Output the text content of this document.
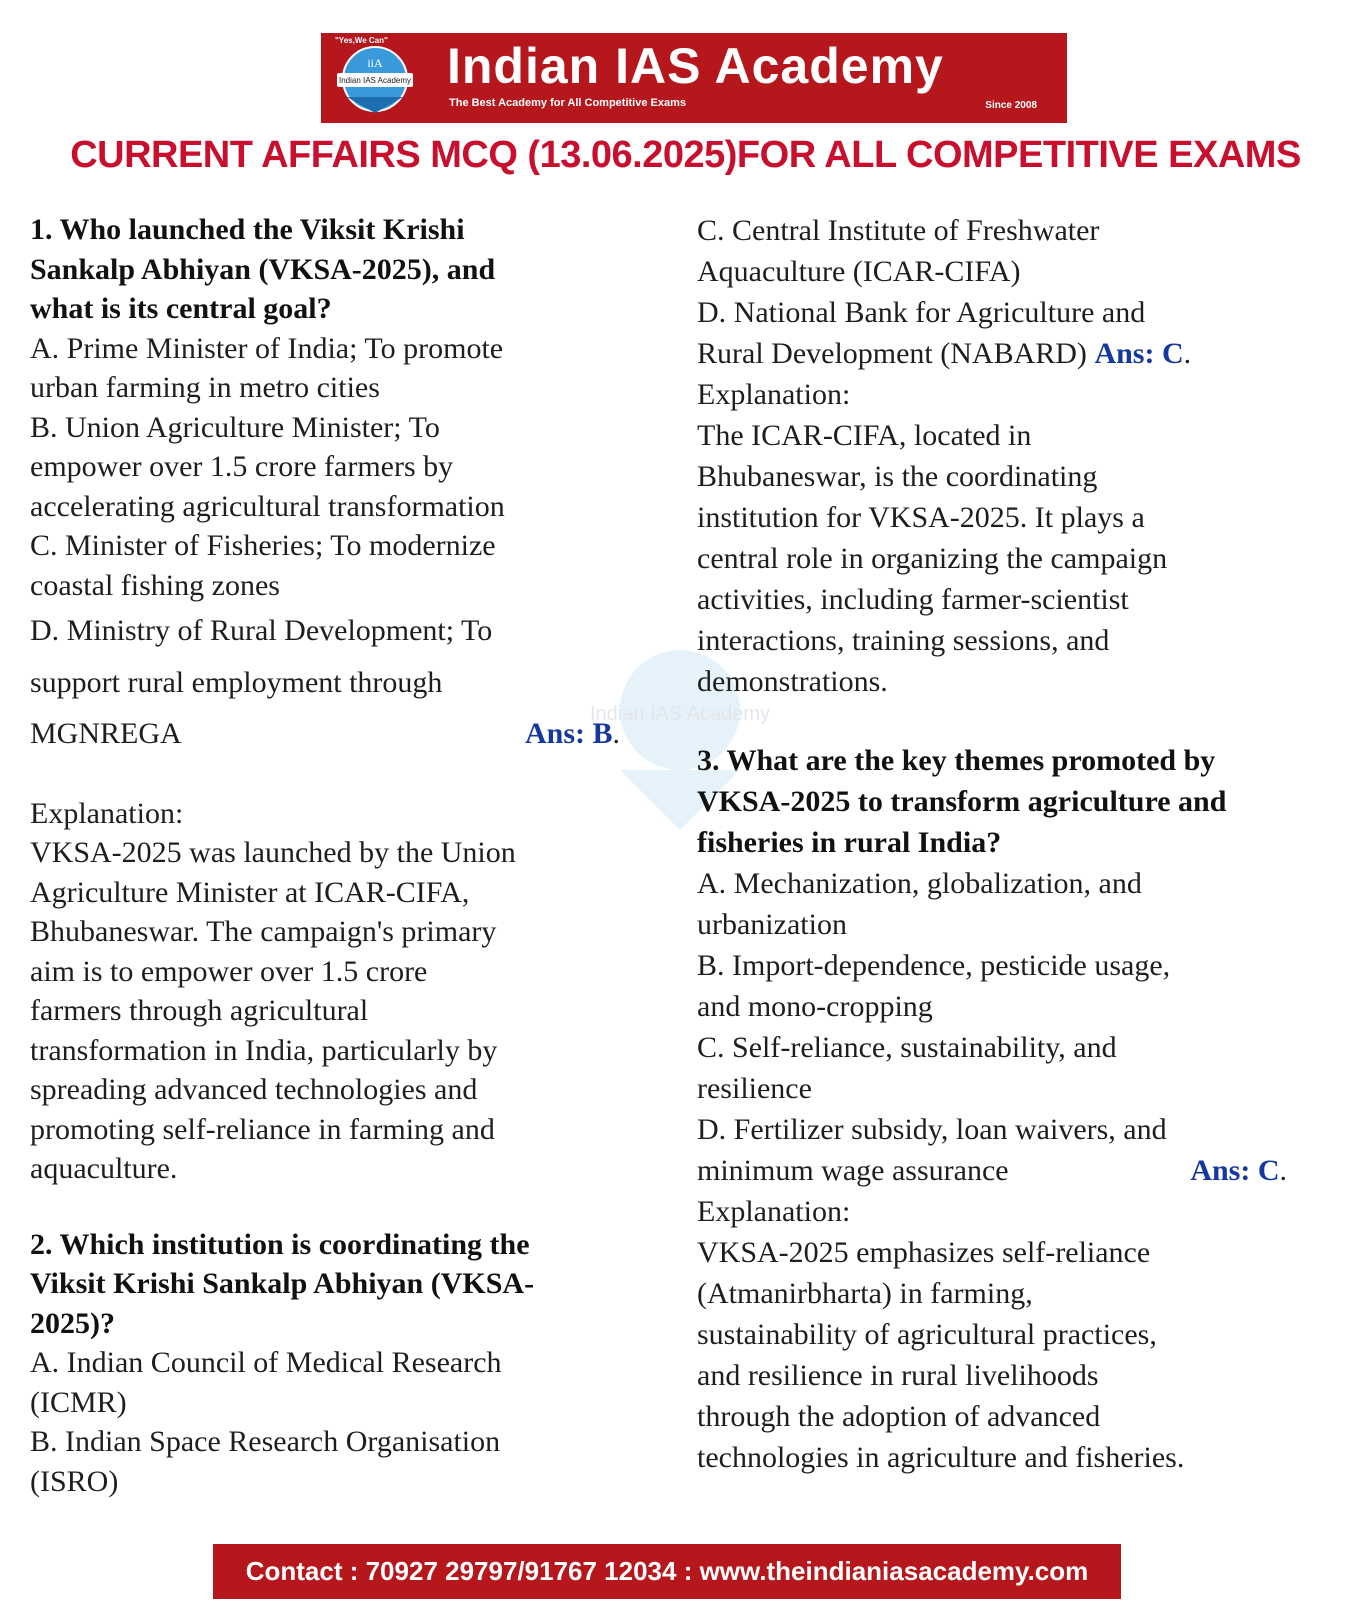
iiA
Indian IAS Academy
"Yes,We Can" Indian IAS Academy
The Best Academy for All Competitive Exams	Since 2008
CURRENT AFFAIRS MCQ (13.06.2025)FOR ALL COMPETITIVE EXAMS
Indian IAS Academy
1. Who launched the Viksit Krishi
Sankalp Abhiyan (VKSA-2025), and
what is its central goal?
A. Prime Minister of India; To promote
urban farming in metro cities
B. Union Agriculture Minister; To
empower over 1.5 crore farmers by
accelerating agricultural transformation
C. Minister of Fisheries; To modernize
coastal fishing zones
D. Ministry of Rural Development; To
support rural employment through
MGNREGA	Ans: B.
Explanation:
VKSA-2025 was launched by the Union
Agriculture Minister at ICAR-CIFA,
Bhubaneswar. The campaign's primary
aim is to empower over 1.5 crore
farmers through agricultural
transformation in India, particularly by
spreading advanced technologies and
promoting self-reliance in farming and
aquaculture.
2. Which institution is coordinating the
Viksit Krishi Sankalp Abhiyan (VKSA-
2025)?
A. Indian Council of Medical Research
(ICMR)
B. Indian Space Research Organisation
(ISRO)
C. Central Institute of Freshwater
Aquaculture (ICAR-CIFA)
D. National Bank for Agriculture and
Rural Development (NABARD) Ans: C.
Explanation:
The ICAR-CIFA, located in
Bhubaneswar, is the coordinating
institution for VKSA-2025. It plays a
central role in organizing the campaign
activities, including farmer-scientist
interactions, training sessions, and
demonstrations.
3. What are the key themes promoted by
VKSA-2025 to transform agriculture and
fisheries in rural India?
A. Mechanization, globalization, and
urbanization
B. Import-dependence, pesticide usage,
and mono-cropping
C. Self-reliance, sustainability, and
resilience
D. Fertilizer subsidy, loan waivers, and
minimum wage assurance	Ans: C.
Explanation:
VKSA-2025 emphasizes self-reliance
(Atmanirbharta) in farming,
sustainability of agricultural practices,
and resilience in rural livelihoods
through the adoption of advanced
technologies in agriculture and fisheries.
Contact : 70927 29797/91767 12034 : www.theindianiasacademy.com
